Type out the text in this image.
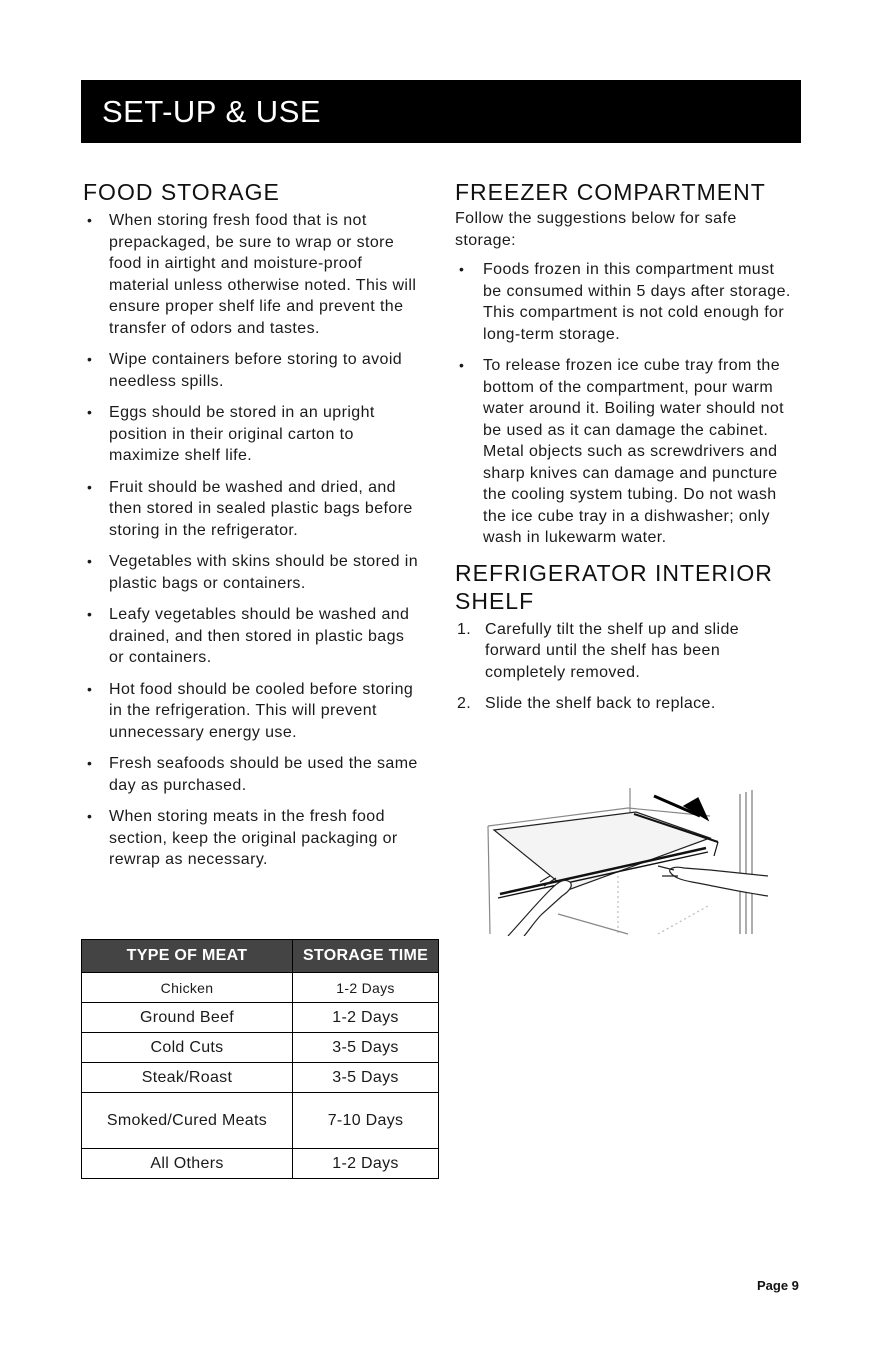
SET-UP & USE
FOOD STORAGE
• When storing fresh food that is not prepackaged, be sure to wrap or store food in airtight and moisture-proof material unless otherwise noted. This will ensure proper shelf life and prevent the transfer of odors and tastes.
• Wipe containers before storing to avoid needless spills.
• Eggs should be stored in an upright position in their original carton to maximize shelf life.
• Fruit should be washed and dried, and then stored in sealed plastic bags before storing in the refrigerator.
• Vegetables with skins should be stored in plastic bags or containers.
• Leafy vegetables should be washed and drained, and then stored in plastic bags or containers.
• Hot food should be cooled before storing in the refrigeration. This will prevent unnecessary energy use.
• Fresh seafoods should be used the same day as purchased.
• When storing meats in the fresh food section, keep the original packaging or rewrap as necessary.
TYPE OF MEAT	STORAGE TIME
Chicken	1-2 Days
Ground Beef	1-2 Days
Cold Cuts	3-5 Days
Steak/Roast	3-5 Days
Smoked/Cured Meats	7-10 Days
All Others	1-2 Days
FREEZER COMPARTMENT

Follow the suggestions below for safe storage:

• Foods frozen in this compartment must be consumed within 5 days after storage. This compartment is not cold enough for long-term storage.
• To release frozen ice cube tray from the bottom of the compartment, pour warm water around it. Boiling water should not be used as it can damage the cabinet. Metal objects such as screwdrivers and sharp knives can damage and puncture the cooling system tubing. Do not wash the ice cube tray in a dishwasher; only wash in lukewarm water.
REFRIGERATOR INTERIOR SHELF
1. Carefully tilt the shelf up and slide forward until the shelf has been completely removed.
2. Slide the shelf back to replace.
Page 9
